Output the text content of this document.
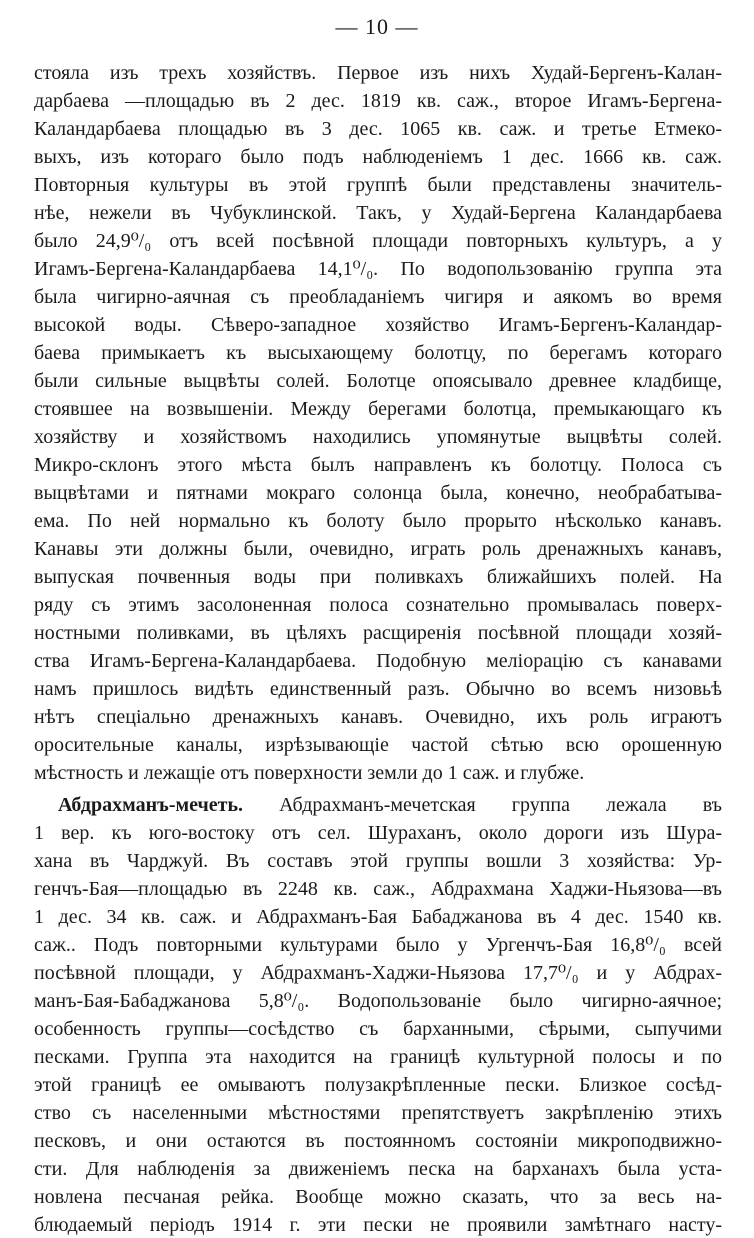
— 10 —
стояла изъ трехъ хозяйствъ. Первое изъ нихъ Худай-Бергенъ-Калан-
дарбаева —площадью въ 2 дес. 1819 кв. саж., второе Игамъ-Бергена-
Каландарбаева площадью въ 3 дес. 1065 кв. саж. и третье Етмеко-
выхъ, изъ котораго было подъ наблюденіемъ 1 дес. 1666 кв. саж.
Повторныя культуры въ этой группѣ были представлены значитель-
нѣе, нежели въ Чубуклинской. Такъ, у Худай-Бергена Каландарбаева
было 24,9⁰/₀ отъ всей посѣвной площади повторныхъ культуръ, а у
Игамъ-Бергена-Каландарбаева 14,1⁰/₀. По водопользованію группа эта
была чигирно-аячная съ преобладаніемъ чигиря и аякомъ во время
высокой воды. Сѣверо-западное хозяйство Игамъ-Бергенъ-Каландар-
баева примыкаетъ къ высыхающему болотцу, по берегамъ котораго
были сильные выцвѣты солей. Болотце опоясывало древнее кладбище,
стоявшее на возвышеніи. Между берегами болотца, премыкающаго къ
хозяйству и хозяйствомъ находились упомянутые выцвѣты солей.
Микро-склонъ этого мѣста былъ направленъ къ болотцу. Полоса съ
выцвѣтами и пятнами мокраго солонца была, конечно, необрабатыва-
ема. По ней нормально къ болоту было прорыто нѣсколько канавъ.
Канавы эти должны были, очевидно, играть роль дренажныхъ канавъ,
выпуская почвенныя воды при поливкахъ ближайшихъ полей. На
ряду съ этимъ засолоненная полоса сознательно промывалась поверх-
ностными поливками, въ цѣляхъ расщиренія посѣвной площади хозяй-
ства Игамъ-Бергена-Каландарбаева. Подобную меліорацію съ канавами
намъ пришлось видѣть единственный разъ. Обычно во всемъ низовьѣ
нѣтъ спеціально дренажныхъ канавъ. Очевидно, ихъ роль играютъ
оросительные каналы, изрѣзывающіе частой сѣтью всю орошенную
мѣстность и лежащіе отъ поверхности земли до 1 саж. и глубже.
Абдрахманъ-мечеть. Абдрахманъ-мечетская группа лежала въ
1 вер. къ юго-востоку отъ сел. Шураханъ, около дороги изъ Шура-
хана въ Чарджуй. Въ составъ этой группы вошли 3 хозяйства: Ур-
генчъ-Бая—площадью въ 2248 кв. саж., Абдрахмана Хаджи-Ньязова—въ
1 дес. 34 кв. саж. и Абдрахманъ-Бая Бабаджанова въ 4 дес. 1540 кв.
саж.. Подъ повторными культурами было у Ургенчъ-Бая 16,8⁰/₀ всей
посѣвной площади, у Абдрахманъ-Хаджи-Ньязова 17,7⁰/₀ и у Абдрах-
манъ-Бая-Бабаджанова 5,8⁰/₀. Водопользованіе было чигирно-аячное;
особенность группы—сосѣдство съ барханными, сѣрыми, сыпучими
песками. Группа эта находится на границѣ культурной полосы и по
этой границѣ ее омываютъ полузакрѣпленные пески. Близкое сосѣд-
ство съ населенными мѣстностями препятствуетъ закрѣпленію этихъ
песковъ, и они остаются въ постоянномъ состояніи микроподвижно-
сти. Для наблюденія за движеніемъ песка на барханахъ была уста-
новлена песчаная рейка. Вообще можно сказать, что за весь на-
блюдаемый періодъ 1914 г. эти пески не проявили замѣтнаго насту-
